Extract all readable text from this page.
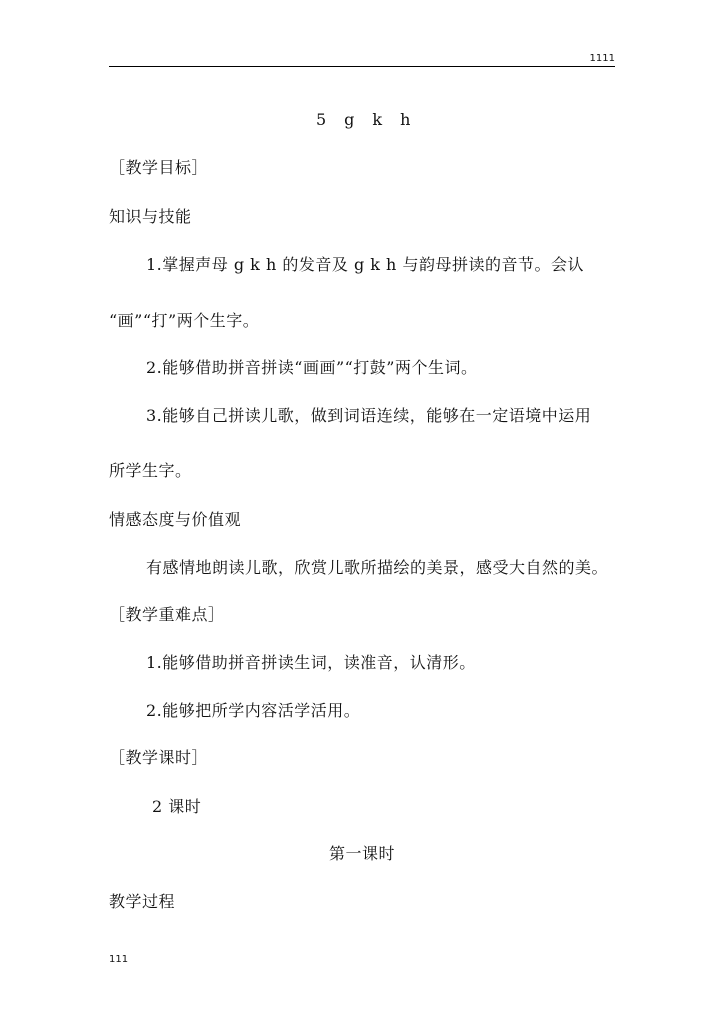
1111
5　g　k　h
［教学目标］
知识与技能
1.掌握声母 g k h 的发音及 g k h 与韵母拼读的音节。会认
“画”“打”两个生字。
2.能够借助拼音拼读“画画”“打鼓”两个生词。
3.能够自己拼读儿歌，做到词语连续，能够在一定语境中运用
所学生字。
情感态度与价值观
有感情地朗读儿歌，欣赏儿歌所描绘的美景，感受大自然的美。
［教学重难点］
1.能够借助拼音拼读生词，读准音，认清形。
2.能够把所学内容活学活用。
［教学课时］
2 课时
第一课时
教学过程
111
